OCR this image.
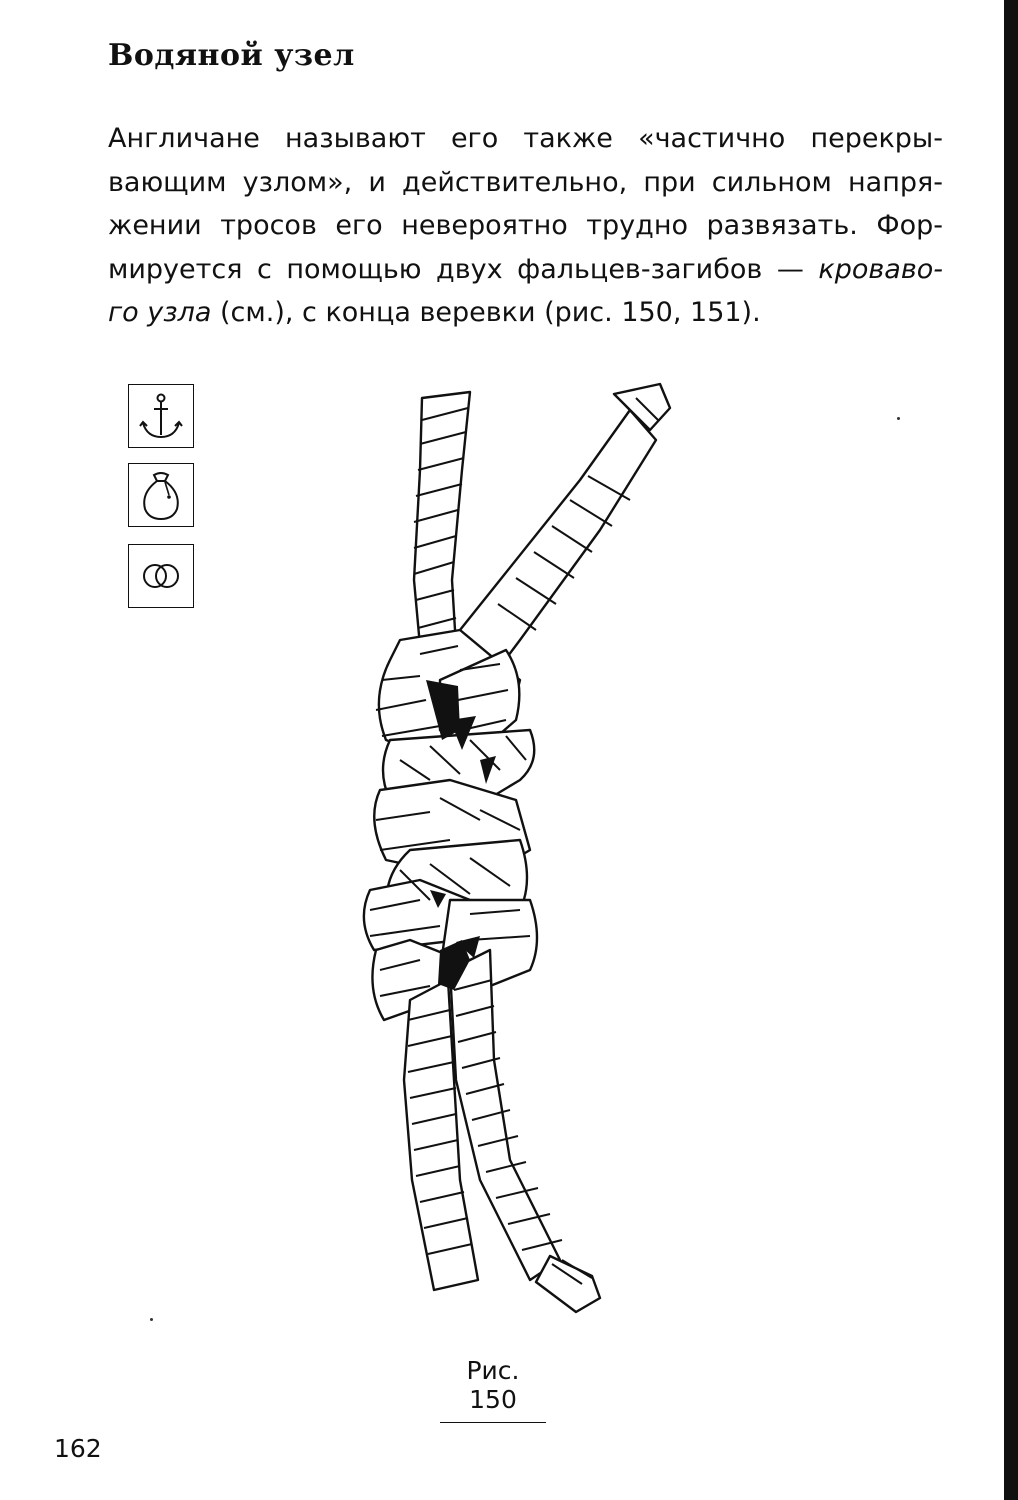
Водяной узел

Англичане называют его также «частично перекры-
вающим узлом», и действительно, при сильном напря-
жении тросов его невероятно трудно развязать. Фор-
мируется с помощью двух фальцев-загибов — кроваво-
го узла (см.), с конца веревки (рис. 150, 151).

Рис. 150
162
